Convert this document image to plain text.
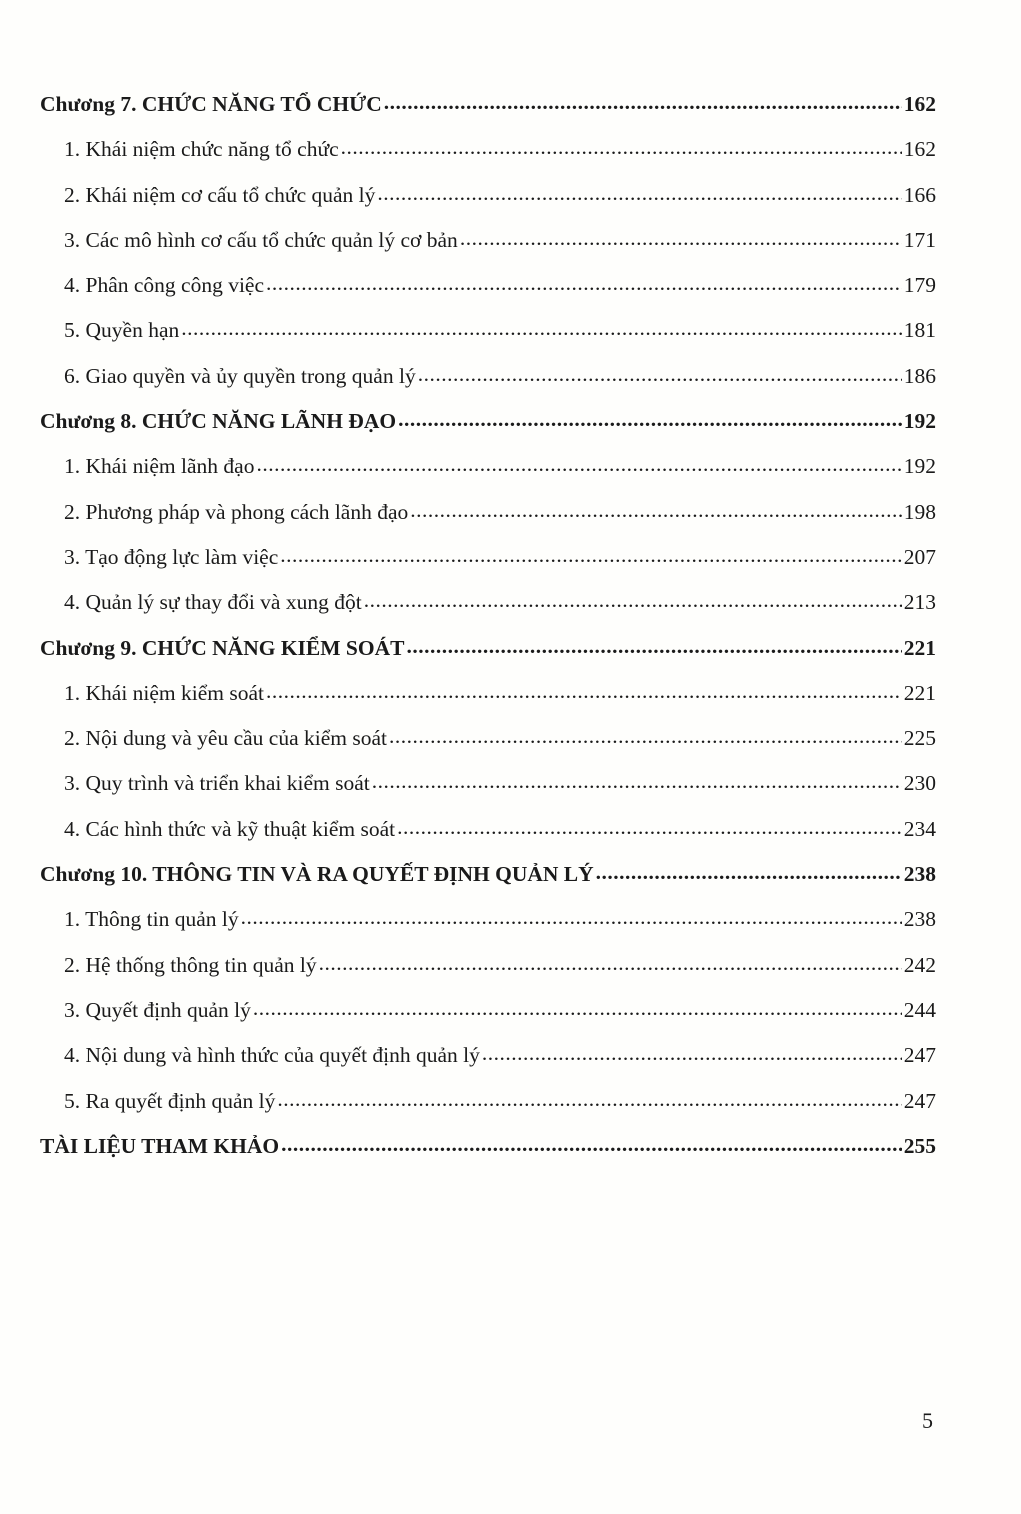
Chương 7. CHỨC NĂNG TỔ CHỨC .....	162
1. Khái niệm chức năng tổ chức .....	162
2. Khái niệm cơ cấu tổ chức quản lý .....	166
3. Các mô hình cơ cấu tổ chức quản lý cơ bản .....	171
4. Phân công công việc .....	179
5. Quyền hạn .....	181
6. Giao quyền và ủy quyền trong quản lý .....	186
Chương 8. CHỨC NĂNG LÃNH ĐẠO .....	192
1. Khái niệm lãnh đạo .....	192
2. Phương pháp và phong cách lãnh đạo .....	198
3. Tạo động lực làm việc .....	207
4. Quản lý sự thay đổi và xung đột .....	213
Chương 9. CHỨC NĂNG KIỂM SOÁT .....	221
1. Khái niệm kiểm soát .....	221
2. Nội dung và yêu cầu của kiểm soát .....	225
3. Quy trình và triển khai kiểm soát .....	230
4. Các hình thức và kỹ thuật kiểm soát .....	234
Chương 10. THÔNG TIN VÀ RA QUYẾT ĐỊNH QUẢN LÝ .....	238
1. Thông tin quản lý .....	238
2. Hệ thống thông tin quản lý .....	242
3. Quyết định quản lý .....	244
4. Nội dung và hình thức của quyết định quản lý .....	247
5. Ra quyết định quản lý .....	247
TÀI LIỆU THAM KHẢO .....	255
5
